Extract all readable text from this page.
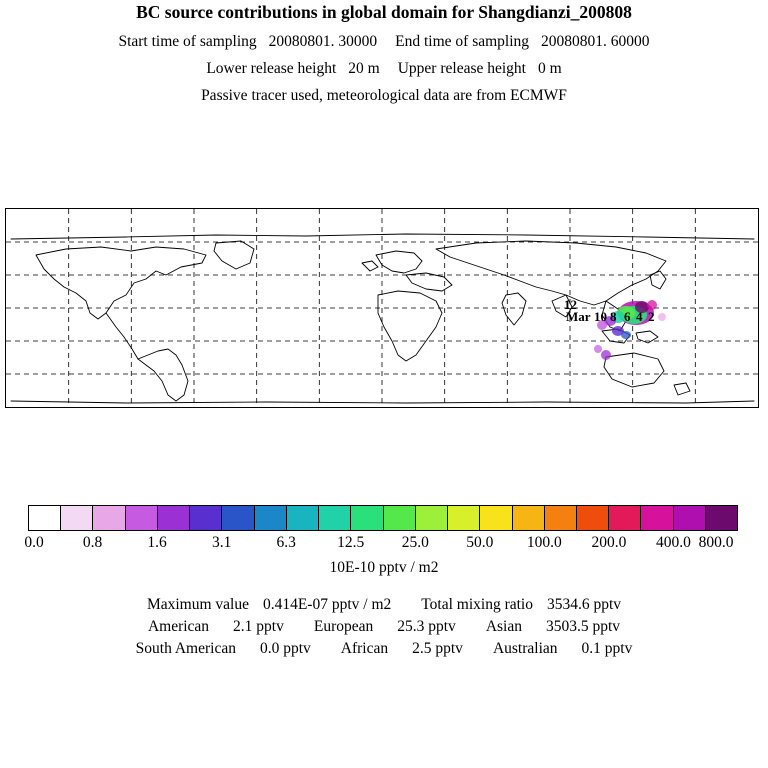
BC source contributions in global domain for Shangdianzi_200808
Start time of sampling 20080801. 30000 End time of sampling 20080801. 60000
Lower release height 20 m Upper release height 0 m
Passive tracer used, meteorological data are from ECMWF
12
Mar 10 8 6 4 2
0.0	0.8	1.6	3.1	6.3	12.5 25.0 50.0 100.0 200.0 400.0 800.0
10E-10 pptv / m2
Maximum value 0.414E-07 pptv / m2 Total mixing ratio 3534.6 pptv
American 2.1 pptv European 25.3 pptv Asian 3503.5 pptv
South American 0.0 pptv African 2.5 pptv Australian 0.1 pptv
